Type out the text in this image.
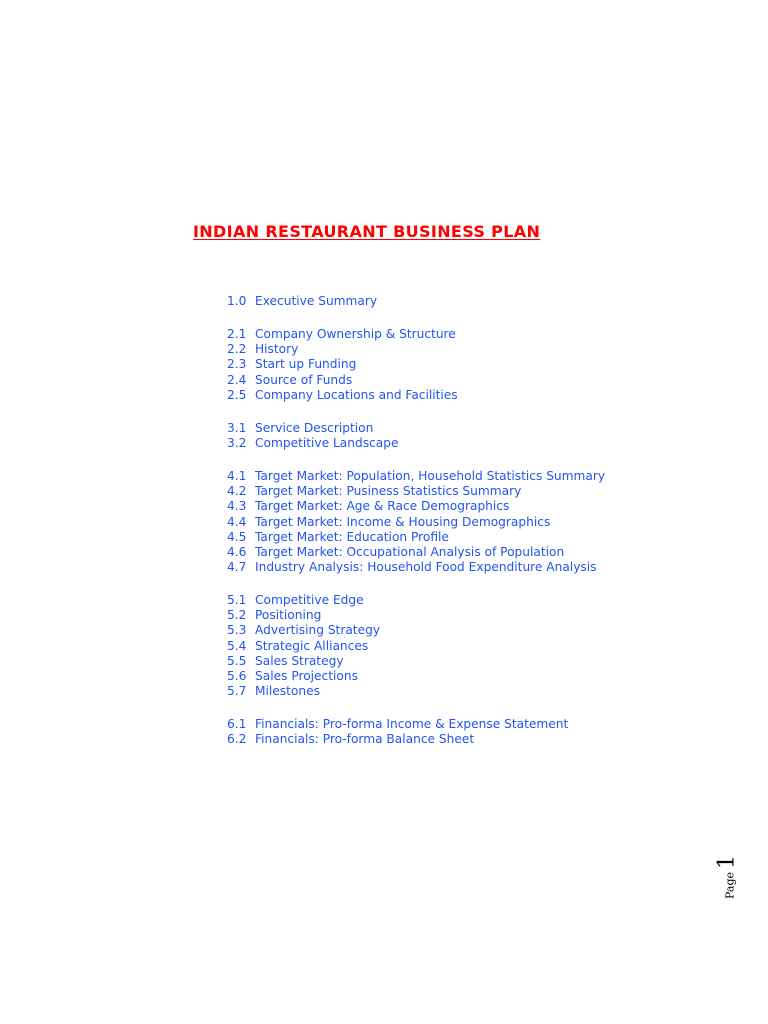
INDIAN RESTAURANT BUSINESS PLAN
1.0 Executive Summary
2.1 Company Ownership & Structure
2.2 History
2.3 Start up Funding
2.4 Source of Funds
2.5 Company Locations and Facilities
3.1 Service Description
3.2 Competitive Landscape
4.1 Target Market: Population, Household Statistics Summary
4.2 Target Market: Pusiness Statistics Summary
4.3 Target Market: Age & Race Demographics
4.4 Target Market: Income & Housing Demographics
4.5 Target Market: Education Profile
4.6 Target Market: Occupational Analysis of Population
4.7 Industry Analysis: Household Food Expenditure Analysis
5.1 Competitive Edge
5.2 Positioning
5.3 Advertising Strategy
5.4 Strategic Alliances
5.5 Sales Strategy
5.6 Sales Projections
5.7 Milestones
6.1 Financials: Pro-forma Income & Expense Statement
6.2 Financials: Pro-forma Balance Sheet
Page
1
